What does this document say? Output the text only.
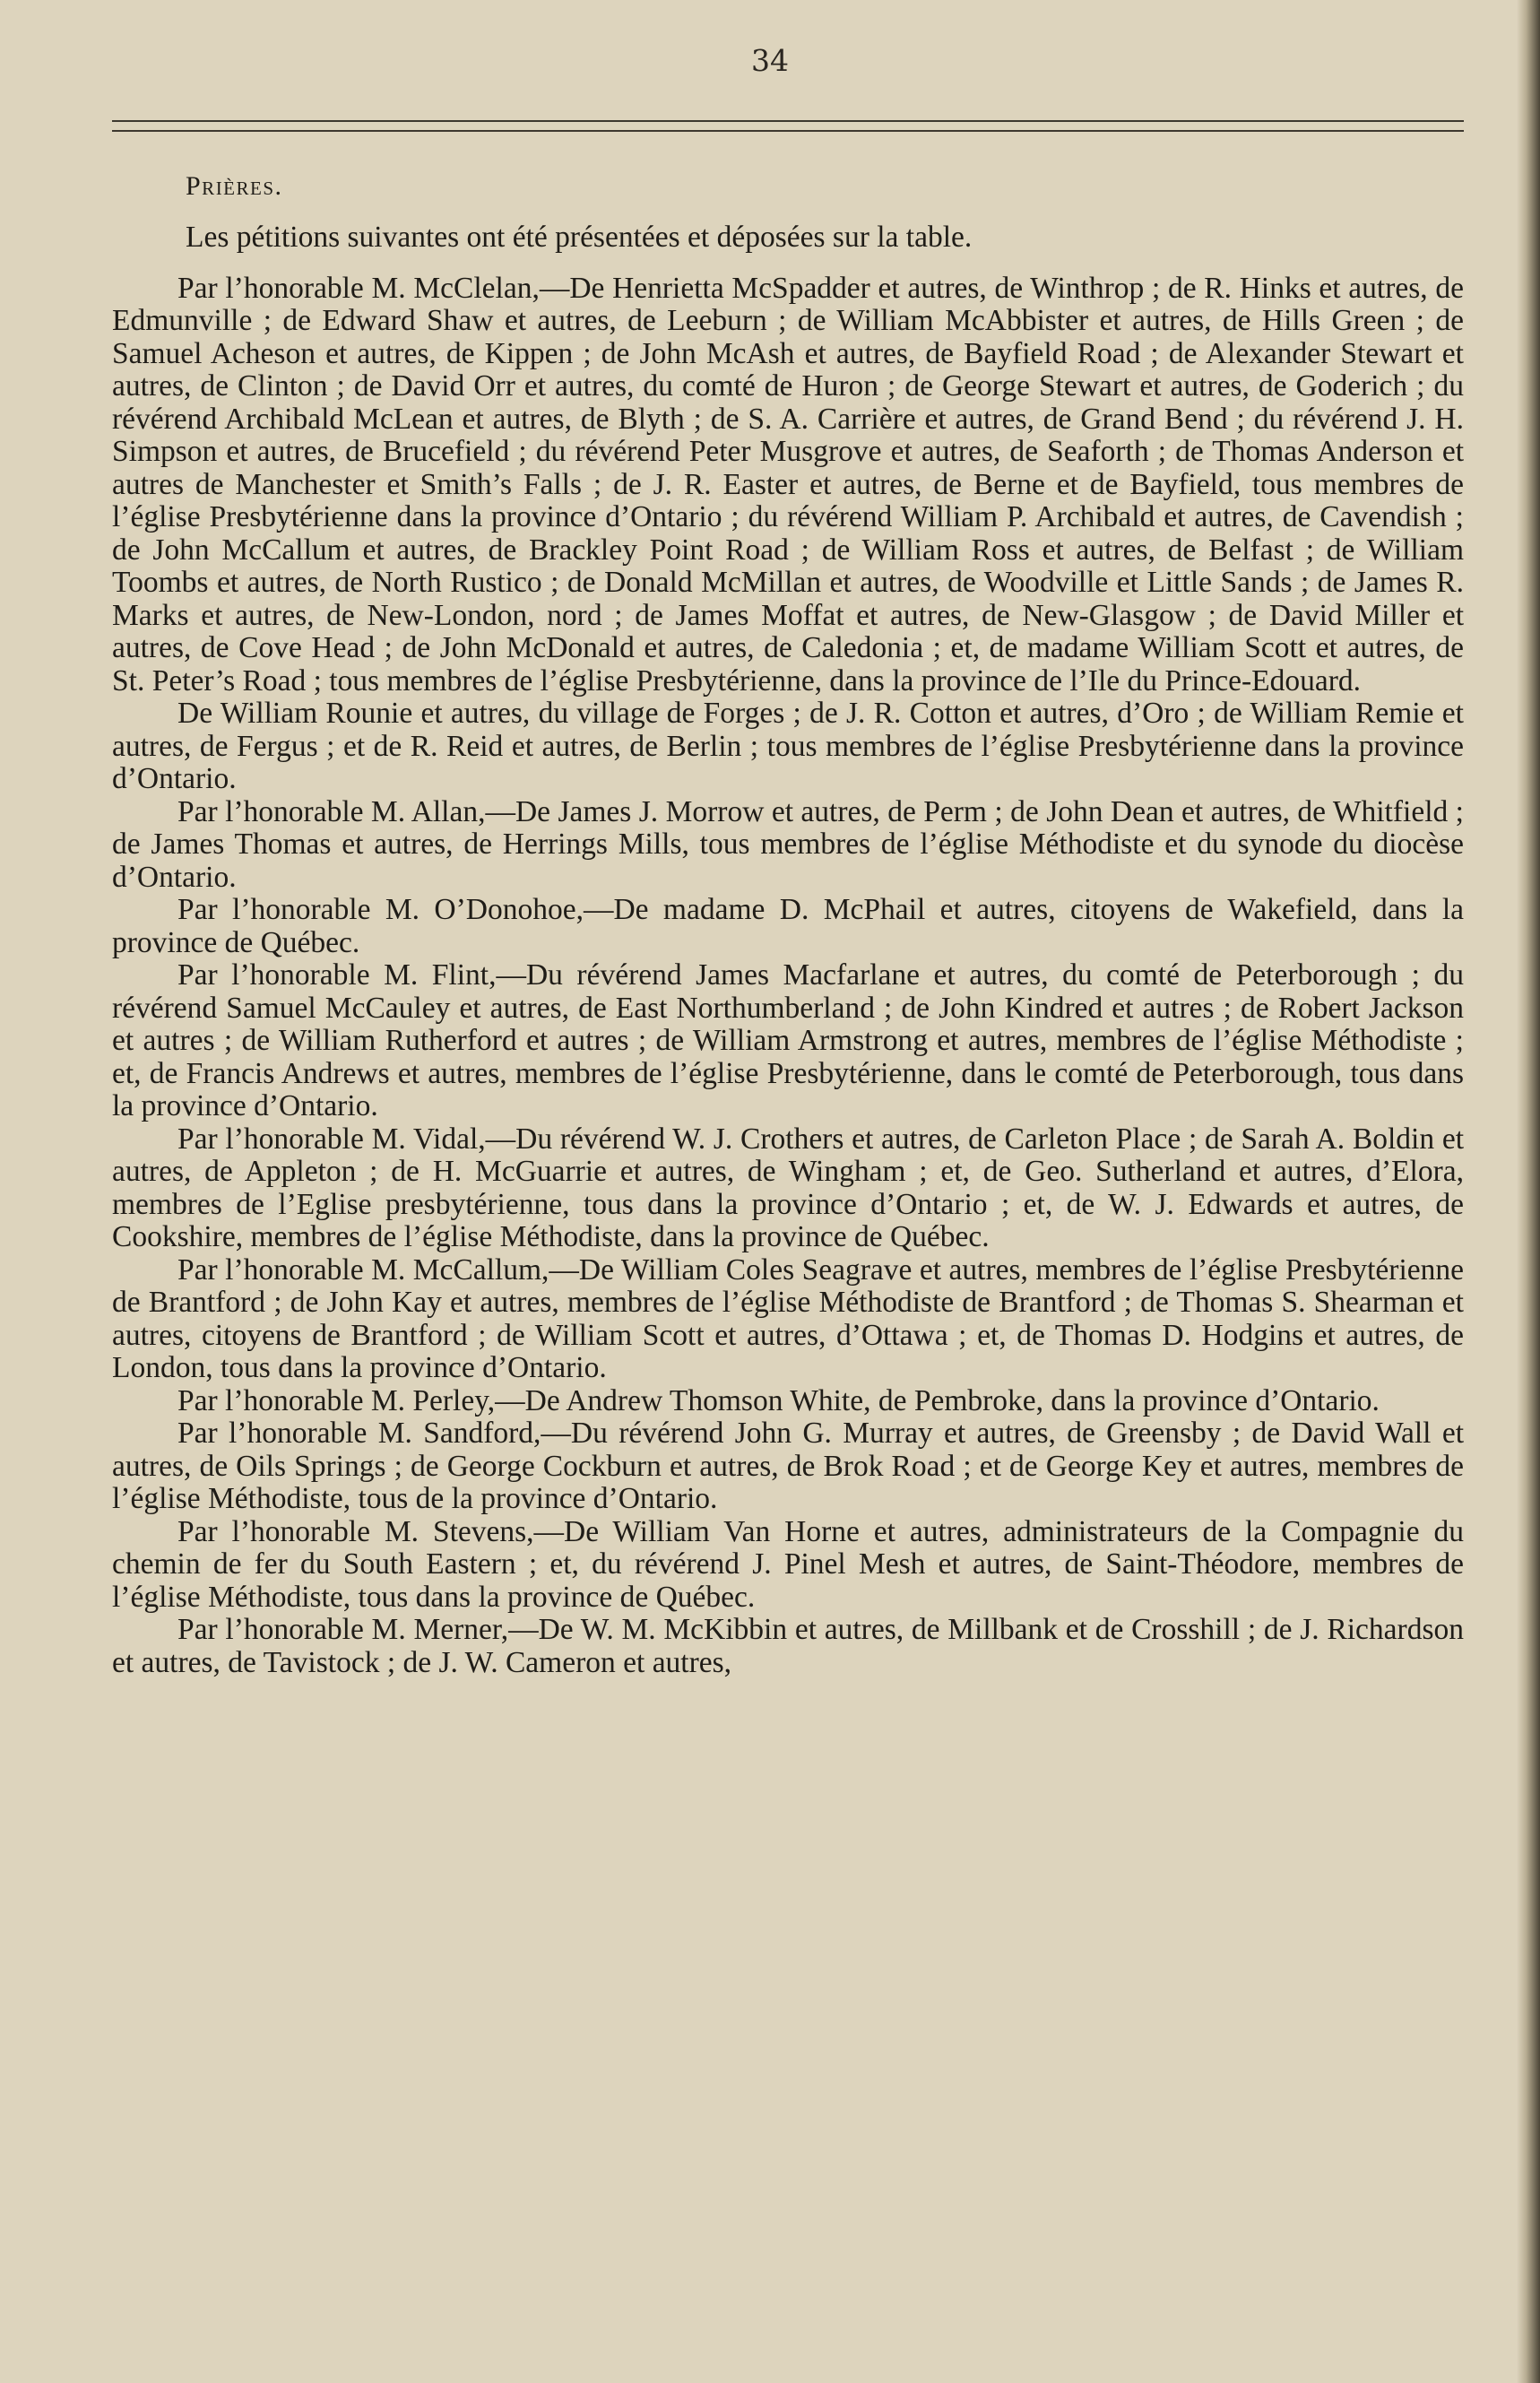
34

Prières.

Les pétitions suivantes ont été présentées et déposées sur la table.

Par l’honorable M. McClelan,—De Henrietta McSpadder et autres, de Winthrop ; de R. Hinks et autres, de Edmunville ; de Edward Shaw et autres, de Leeburn ; de William McAbbister et autres, de Hills Green ; de Samuel Acheson et autres, de Kippen ; de John McAsh et autres, de Bayfield Road ; de Alexander Stewart et autres, de Clinton ; de David Orr et autres, du comté de Huron ; de George Stewart et autres, de Goderich ; du révérend Archibald McLean et autres, de Blyth ; de S. A. Carrière et autres, de Grand Bend ; du révérend J. H. Simpson et autres, de Brucefield ; du révérend Peter Musgrove et autres, de Seaforth ; de Thomas Anderson et autres de Manchester et Smith’s Falls ; de J. R. Easter et autres, de Berne et de Bayfield, tous membres de l’église Presbytérienne dans la province d’Ontario ; du révérend William P. Archibald et autres, de Cavendish ; de John McCallum et autres, de Brackley Point Road ; de William Ross et autres, de Belfast ; de William Toombs et autres, de North Rustico ; de Donald McMillan et autres, de Woodville et Little Sands ; de James R. Marks et autres, de New-London, nord ; de James Moffat et autres, de New-Glasgow ; de David Miller et autres, de Cove Head ; de John McDonald et autres, de Caledonia ; et, de madame William Scott et autres, de St. Peter’s Road ; tous membres de l’église Presbytérienne, dans la province de l’Ile du Prince-Edouard.

De William Rounie et autres, du village de Forges ; de J. R. Cotton et autres, d’Oro ; de William Remie et autres, de Fergus ; et de R. Reid et autres, de Berlin ; tous membres de l’église Presbytérienne dans la province d’Ontario.

Par l’honorable M. Allan,—De James J. Morrow et autres, de Perm ; de John Dean et autres, de Whitfield ; de James Thomas et autres, de Herrings Mills, tous membres de l’église Méthodiste et du synode du diocèse d’Ontario.

Par l’honorable M. O’Donohoe,—De madame D. McPhail et autres, citoyens de Wakefield, dans la province de Québec.

Par l’honorable M. Flint,—Du révérend James Macfarlane et autres, du comté de Peterborough ; du révérend Samuel McCauley et autres, de East Northumberland ; de John Kindred et autres ; de Robert Jackson et autres ; de William Rutherford et autres ; de William Armstrong et autres, membres de l’église Méthodiste ; et, de Francis Andrews et autres, membres de l’église Presbytérienne, dans le comté de Peterborough, tous dans la province d’Ontario.

Par l’honorable M. Vidal,—Du révérend W. J. Crothers et autres, de Carleton Place ; de Sarah A. Boldin et autres, de Appleton ; de H. McGuarrie et autres, de Wingham ; et, de Geo. Sutherland et autres, d’Elora, membres de l’Eglise presbytérienne, tous dans la province d’Ontario ; et, de W. J. Edwards et autres, de Cookshire, membres de l’église Méthodiste, dans la province de Québec.

Par l’honorable M. McCallum,—De William Coles Seagrave et autres, membres de l’église Presbytérienne de Brantford ; de John Kay et autres, membres de l’église Méthodiste de Brantford ; de Thomas S. Shearman et autres, citoyens de Brantford ; de William Scott et autres, d’Ottawa ; et, de Thomas D. Hodgins et autres, de London, tous dans la province d’Ontario.

Par l’honorable M. Perley,—De Andrew Thomson White, de Pembroke, dans la province d’Ontario.

Par l’honorable M. Sandford,—Du révérend John G. Murray et autres, de Greensby ; de David Wall et autres, de Oils Springs ; de George Cockburn et autres, de Brok Road ; et de George Key et autres, membres de l’église Méthodiste, tous de la province d’Ontario.

Par l’honorable M. Stevens,—De William Van Horne et autres, administrateurs de la Compagnie du chemin de fer du South Eastern ; et, du révérend J. Pinel Mesh et autres, de Saint-Théodore, membres de l’église Méthodiste, tous dans la province de Québec.

Par l’honorable M. Merner,—De W. M. McKibbin et autres, de Millbank et de Crosshill ; de J. Richardson et autres, de Tavistock ; de J. W. Cameron et autres,
